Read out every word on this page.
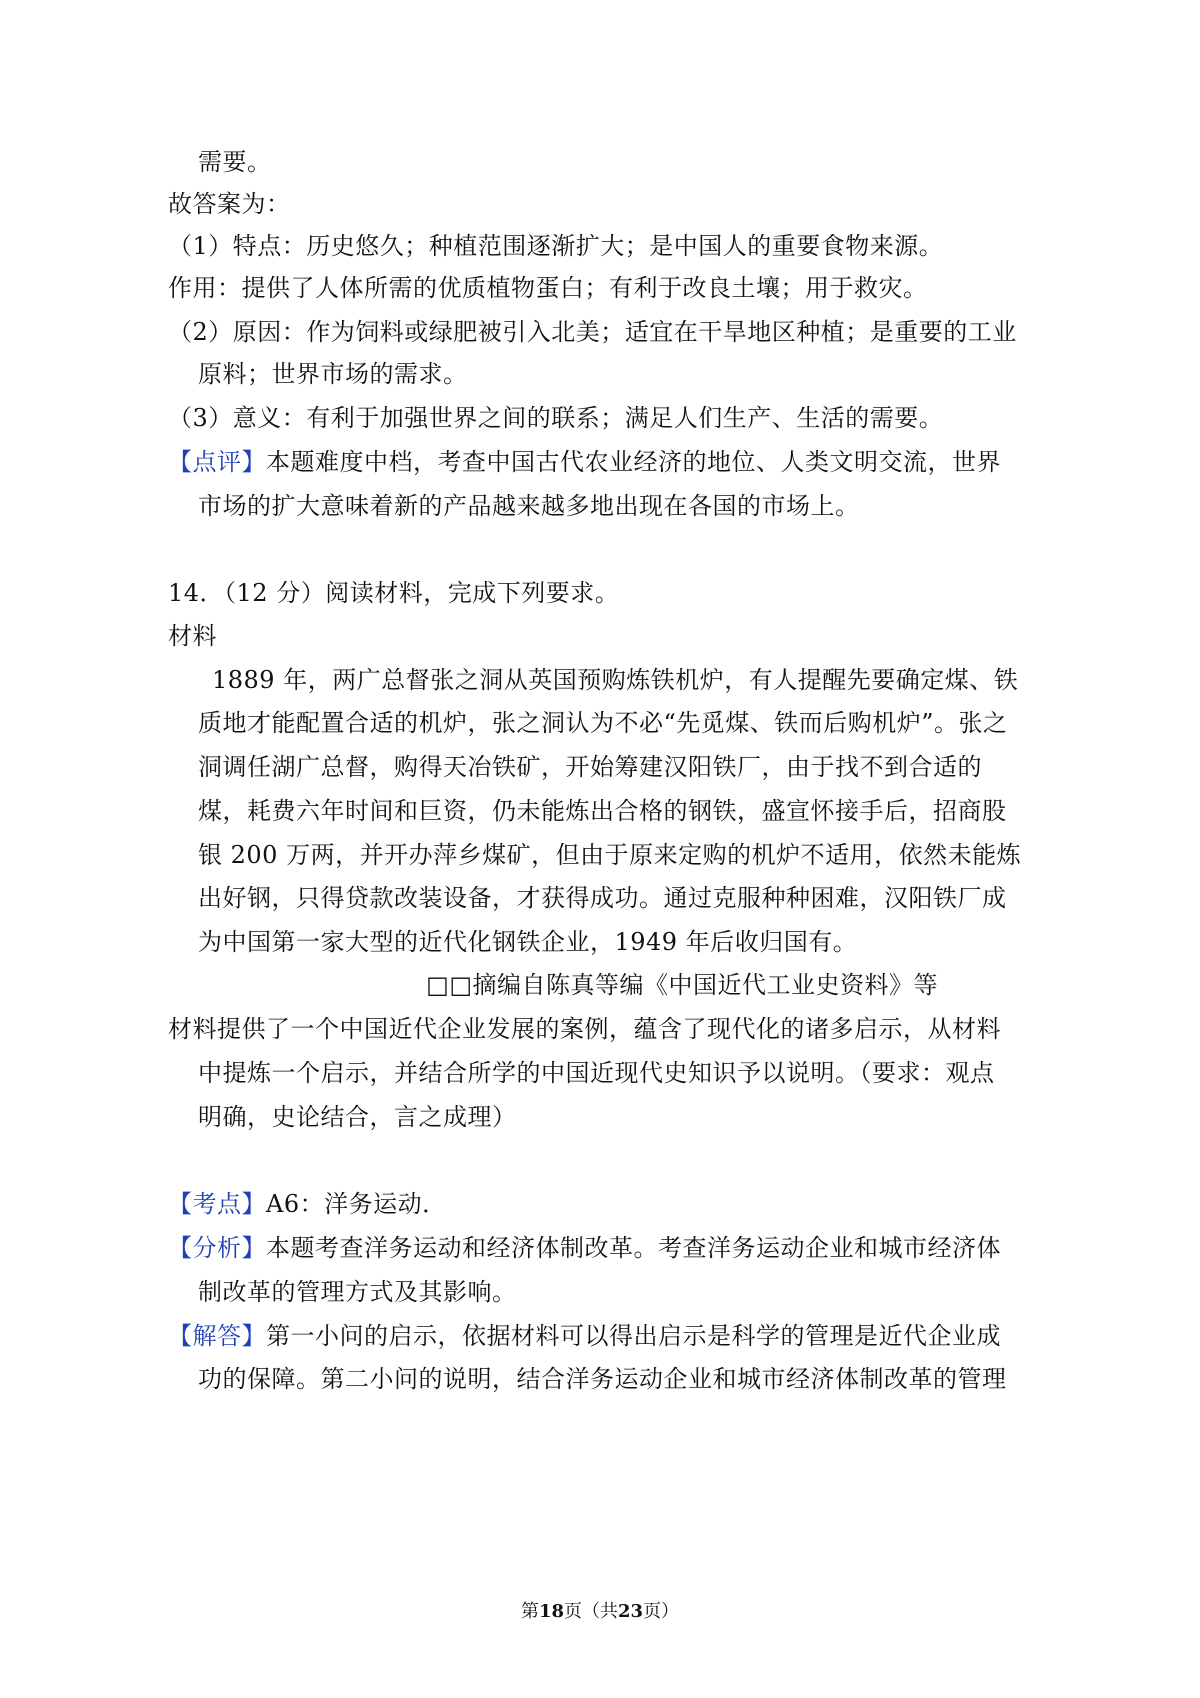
需要。
故答案为：
（1）特点：历史悠久；种植范围逐渐扩大；是中国人的重要食物来源。
作用：提供了人体所需的优质植物蛋白；有利于改良土壤；用于救灾。
（2）原因：作为饲料或绿肥被引入北美；适宜在干旱地区种植；是重要的工业
原料；世界市场的需求。
（3）意义：有利于加强世界之间的联系；满足人们生产、生活的需要。
【点评】本题难度中档，考查中国古代农业经济的地位、人类文明交流，世界
市场的扩大意味着新的产品越来越多地出现在各国的市场上。
14．（12 分）阅读材料，完成下列要求。
材料
1889 年，两广总督张之洞从英国预购炼铁机炉，有人提醒先要确定煤、铁
质地才能配置合适的机炉，张之洞认为不必“先觅煤、铁而后购机炉”。张之
洞调任湖广总督，购得天冶铁矿，开始筹建汉阳铁厂，由于找不到合适的
煤，耗费六年时间和巨资，仍未能炼出合格的钢铁，盛宣怀接手后，招商股
银 200 万两，并开办萍乡煤矿，但由于原来定购的机炉不适用，依然未能炼
出好钢，只得贷款改装设备，才获得成功。通过克服种种困难，汉阳铁厂成
为中国第一家大型的近代化钢铁企业，1949 年后收归国有。
□□摘编自陈真等编《中国近代工业史资料》等
材料提供了一个中国近代企业发展的案例，蕴含了现代化的诸多启示，从材料
中提炼一个启示，并结合所学的中国近现代史知识予以说明。（要求：观点
明确，史论结合，言之成理）
【考点】A6：洋务运动．
【分析】本题考查洋务运动和经济体制改革。考查洋务运动企业和城市经济体
制改革的管理方式及其影响。
【解答】第一小问的启示，依据材料可以得出启示是科学的管理是近代企业成
功的保障。第二小问的说明，结合洋务运动企业和城市经济体制改革的管理
第18页（共23页）
